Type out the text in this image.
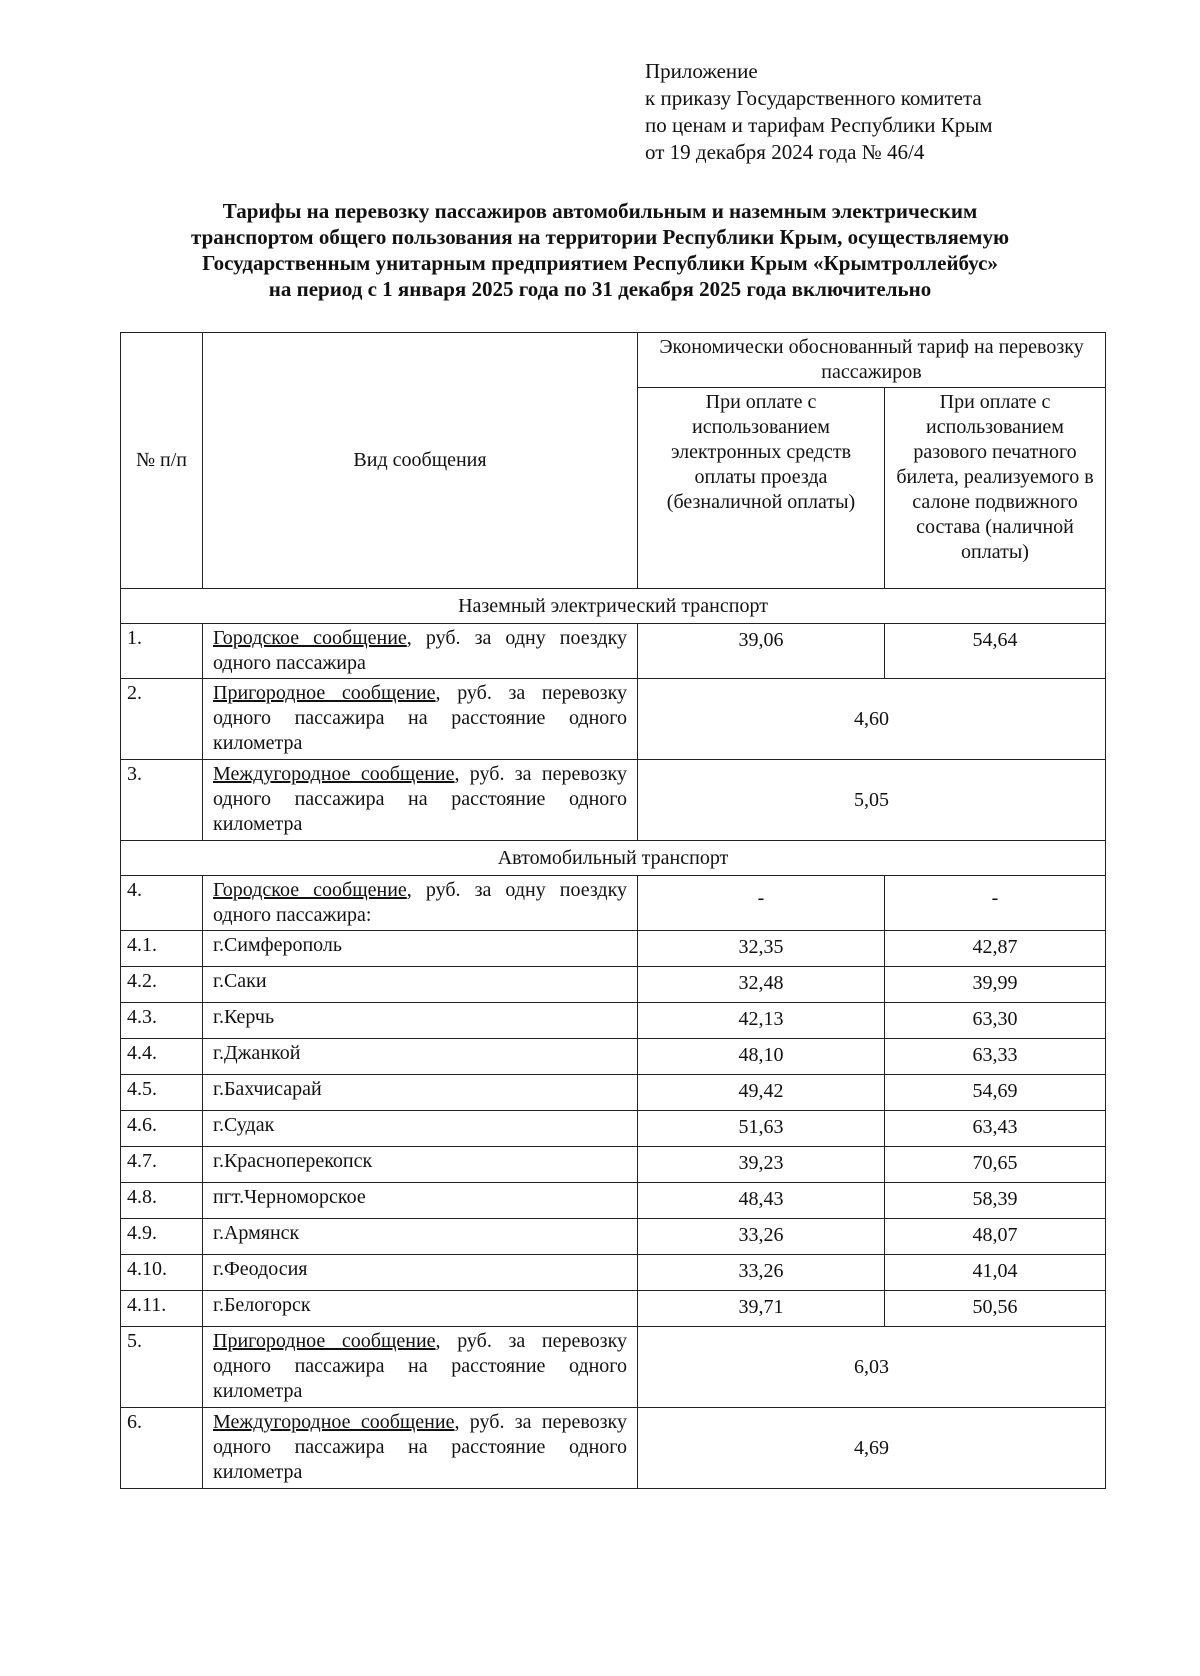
Приложение
к приказу Государственного комитета
по ценам и тарифам Республики Крым
от 19 декабря 2024 года № 46/4
Тарифы на перевозку пассажиров автомобильным и наземным электрическим
транспортом общего пользования на территории Республики Крым, осуществляемую
Государственным унитарным предприятием Республики Крым «Крымтроллейбус»
на период с 1 января 2025 года по 31 декабря 2025 года включительно
№ п/п	Вид сообщения	Экономически обоснованный тариф на перевозку пассажиров	
		При оплате с использованием электронных средств оплаты проезда (безналичной оплаты)	При оплате с использованием разового печатного билета, реализуемого в салоне подвижного состава (наличной оплаты)
Наземный электрический транспорт			
1.	Городское сообщение, руб. за одну поездку одного пассажира	39,06	54,64
2.	Пригородное сообщение, руб. за перевозку одного пассажира на расстояние одного километра	4,60	
3.	Междугородное сообщение, руб. за перевозку одного пассажира на расстояние одного километра	5,05	
Автомобильный транспорт			
4.	Городское сообщение, руб. за одну поездку одного пассажира:	-	-
4.1.	г.Симферополь	32,35	42,87
4.2.	г.Саки	32,48	39,99
4.3.	г.Керчь	42,13	63,30
4.4.	г.Джанкой	48,10	63,33
4.5.	г.Бахчисарай	49,42	54,69
4.6.	г.Судак	51,63	63,43
4.7.	г.Красноперекопск	39,23	70,65
4.8.	пгт.Черноморское	48,43	58,39
4.9.	г.Армянск	33,26	48,07
4.10.	г.Феодосия	33,26	41,04
4.11.	г.Белогорск	39,71	50,56
5.	Пригородное сообщение, руб. за перевозку одного пассажира на расстояние одного километра	6,03	
6.	Междугородное сообщение, руб. за перевозку одного пассажира на расстояние одного километра	4,69	
